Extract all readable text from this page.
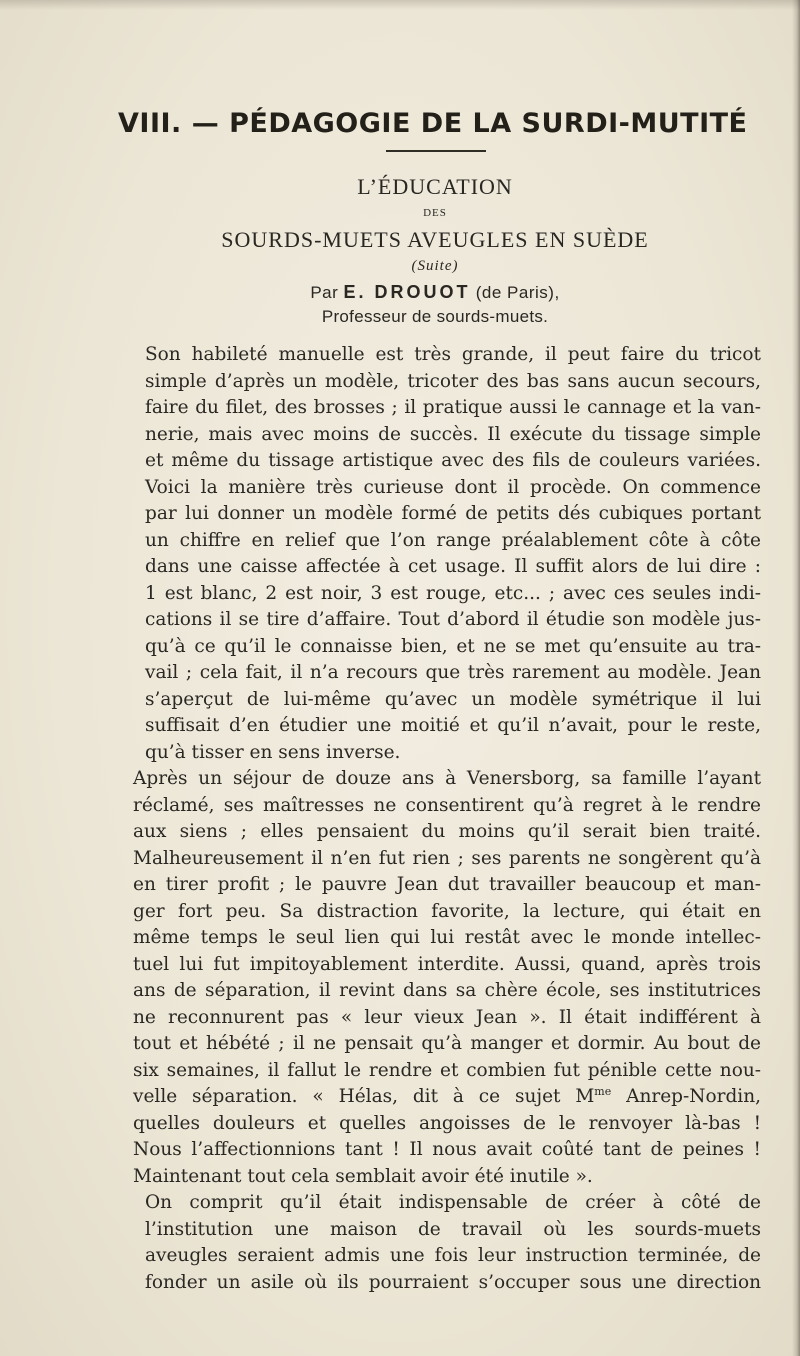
VIII. — PÉDAGOGIE DE LA SURDI-MUTITÉ
L’ÉDUCATION
DES
SOURDS-MUETS AVEUGLES EN SUÈDE
(Suite)
Par E. DROUOT (de Paris),
Professeur de sourds-muets.

Son habileté manuelle est très grande, il peut faire du tricot
simple d’après un modèle, tricoter des bas sans aucun secours,
faire du filet, des brosses ; il pratique aussi le cannage et la van-
nerie, mais avec moins de succès. Il exécute du tissage simple
et même du tissage artistique avec des fils de couleurs variées.
Voici la manière très curieuse dont il procède. On commence
par lui donner un modèle formé de petits dés cubiques portant
un chiffre en relief que l’on range préalablement côte à côte
dans une caisse affectée à cet usage. Il suffit alors de lui dire :
1 est blanc, 2 est noir, 3 est rouge, etc... ; avec ces seules indi-
cations il se tire d’affaire. Tout d’abord il étudie son modèle jus-
qu’à ce qu’il le connaisse bien, et ne se met qu’ensuite au tra-
vail ; cela fait, il n’a recours que très rarement au modèle. Jean
s’aperçut de lui-même qu’avec un modèle symétrique il lui
suffisait d’en étudier une moitié et qu’il n’avait, pour le reste,
qu’à tisser en sens inverse.

Après un séjour de douze ans à Venersborg, sa famille l’ayant
réclamé, ses maîtresses ne consentirent qu’à regret à le rendre
aux siens ; elles pensaient du moins qu’il serait bien traité.
Malheureusement il n’en fut rien ; ses parents ne songèrent qu’à
en tirer profit ; le pauvre Jean dut travailler beaucoup et man-
ger fort peu. Sa distraction favorite, la lecture, qui était en
même temps le seul lien qui lui restât avec le monde intellec-
tuel lui fut impitoyablement interdite. Aussi, quand, après trois
ans de séparation, il revint dans sa chère école, ses institutrices
ne reconnurent pas « leur vieux Jean ». Il était indifférent à
tout et hébété ; il ne pensait qu’à manger et dormir. Au bout de
six semaines, il fallut le rendre et combien fut pénible cette nou-
velle séparation. « Hélas, dit à ce sujet $M^{me}$ Anrep-Nordin,
quelles douleurs et quelles angoisses de le renvoyer là-bas !
Nous l’affectionnions tant ! Il nous avait coûté tant de peines !
Maintenant tout cela semblait avoir été inutile ».

On comprit qu’il était indispensable de créer à côté de
l’institution une maison de travail où les sourds-muets
aveugles seraient admis une fois leur instruction terminée, de
fonder un asile où ils pourraient s’occuper sous une direction
